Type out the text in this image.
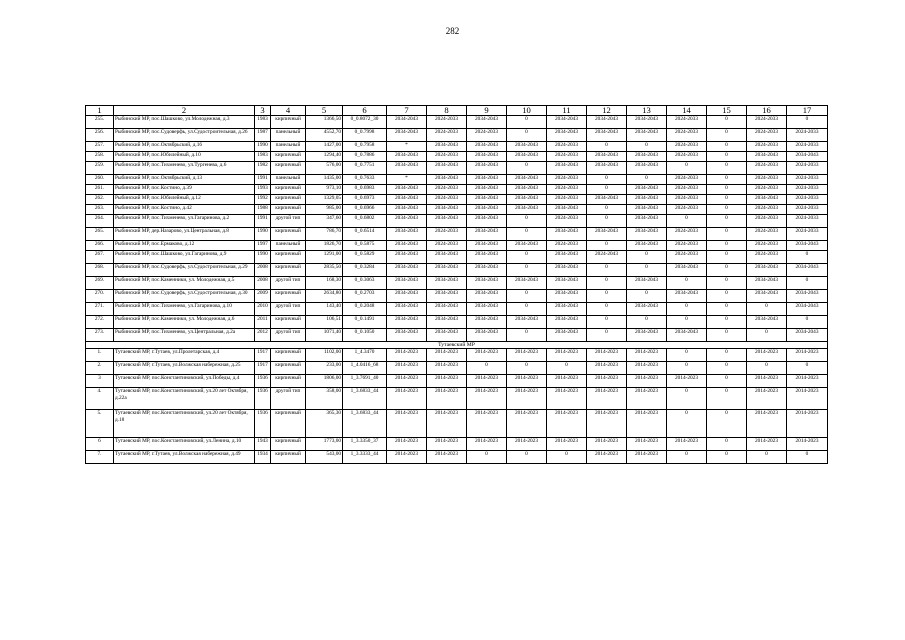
282
1	2	3	4	5	6	7	8	9	10	11	12	13	14	15	16	17
255.	Рыбинский МР, пос.Шашково, ул.Молодежная, д.3	1983	кирпичный	1366,50	0_0.8072_30	2034-2043	2024-2033	2034-2043	0	2034-2043	2034-2043	2034-2043	2024-2033	0	2024-2033	0
256.	Рыбинский МР, пос.Судоверфь, ул.Судостроительная, д.26	1987	панельный	4552,70	0_0.7998	2034-2043	2024-2033	2024-2033	0	2034-2043	2034-2043	2034-2043	2024-2033	0	2024-2033	2024-2033
257.	Рыбинский МР, пос.Октябрьский, д.16	1990	панельный	1427,00	0_0.7958	*	2034-2043	2034-2043	2034-2043	2024-2033	0	0	2024-2033	0	2024-2033	2024-2033
258.	Рыбинский МР, пос.Юбилейный, д.10	1983	кирпичный	1294,40	0_0.7886	2034-2043	2024-2033	2034-2043	2034-2043	2024-2033	2034-2043	2034-2043	2024-2033	0	2034-2043	2034-2043
259.	Рыбинский МР, пос.Тихменево, ул.Тургенева, д.6	1982	кирпичный	576,00	0_0.7751	2034-2043	2034-2043	2034-2043	0	2034-2043	2034-2043	2034-2043	0	0	2024-2033	2024-2033
260.	Рыбинский МР, пос.Октябрьский, д.13	1991	панельный	1435,00	0_0.7633	*	2034-2043	2034-2043	2034-2043	2024-2033	0	0	2024-2033	0	2024-2033	2024-2033
261.	Рыбинский МР, пос.Костино, д.39	1993	кирпичный	973,10	0_0.6983	2034-2043	2024-2033	2034-2043	2034-2043	2024-2033	0	2034-2043	2024-2033	0	2024-2033	2024-2033
262.	Рыбинский МР, пос.Юбилейный, д.12	1992	кирпичный	1329,05	0_0.6973	2034-2043	2024-2033	2034-2043	2034-2043	2024-2033	2034-2043	2034-2043	2024-2033	0	2034-2043	2024-2033
263.	Рыбинский МР, пос.Костино, д.42	1988	кирпичный	985,00	0_0.6966	2034-2043	2034-2043	2034-2043	2034-2043	2034-2043	0	2034-2043	2024-2033	0	2024-2033	2024-2033
264.	Рыбинский МР, пос.Тихменево, ул.Гагаринова, д.2	1991	другой тип	347,60	0_0.6802	2034-2043	2034-2043	2034-2043	0	2024-2033	0	2034-2043	0	0	2024-2033	2024-2033
265.	Рыбинский МР, дер.Назарово, ул.Центральная, д.8	1990	кирпичный	786,70	0_0.6514	2034-2043	2024-2033	2034-2043	0	2034-2043	2034-2043	2034-2043	2024-2033	0	2024-2033	2024-2033
266.	Рыбинский МР, пос.Ермаково, д.12	1997	панельный	1826,70	0_0.5875	2034-2043	2024-2033	2034-2043	2034-2043	2024-2033	0	2034-2043	2024-2033	0	2024-2033	2034-2043
267.	Рыбинский МР, пос.Шашково, ул.Гагаринова, д.9	1990	кирпичный	1291,00	0_0.5829	2034-2043	2034-2043	2034-2043	0	2034-2043	2024-2043	0	2024-2033	0	2024-2033	0
268.	Рыбинский МР, пос.Судоверфь, ул.Судостроительная, д.29	2008	кирпичный	2835,50	0_0.3284	2034-2043	2034-2043	2034-2043	0	2034-2043	0	0	2034-2043	0	2034-2043	2034-2043
269.	Рыбинский МР, пос.Каменники, ул. Молодежная, д.5	2008	другой тип	168,30	0_0.3063	2034-2043	2034-2043	2034-2043	2034-2043	2034-2043	0	2034-2043	0	0	2034-2043	0
270.	Рыбинский МР, пос.Судоверфь, ул.Судостроительная, д.30	2009	кирпичный	2634,80	0_0.2703	2034-2043	2034-2043	2034-2043	0	2034-2043	0	0	2034-2043	0	2034-2043	2034-2043
271.	Рыбинский МР, пос.Тихменево, ул.Гагаринова, д.10	2010	другой тип	143,40	0_0.2048	2034-2043	2034-2043	2034-2043	0	2034-2043	0	2034-2043	0	0	0	2034-2043
272.	Рыбинский МР, пос.Каменники, ул. Молодежная, д.6	2011	кирпичный	106,51	0_0.1491	2034-2043	2034-2043	2034-2043	2034-2043	2034-2043	0	0	0	0	2034-2043	0
273.	Рыбинский МР, пос.Тихменево, ул.Центральная, д.2а	2012	другой тип	1071,40	0_0.1050	2034-2043	2034-2043	2034-2043	0	2034-2043	0	2034-2043	2034-2043	0	0	2034-2043
Тутаевский МР																
1.	Тутаевский МР, г.Тутаев, ул.Пролетарская, д.4	1917	кирпичный	1102,00	1_4.3470	2014-2023	2014-2023	2014-2023	2014-2023	2014-2023	2014-2023	2014-2023	0	0	2014-2023	2014-2023
2.	Тутаевский МР, г.Тутаев, ул.Волжская набережная, д.25	1917	кирпичный	233,00	1_4.0416_68	2014-2023	2014-2023	0	0	0	2014-2023	2014-2023	0	0	0	0
3	Тутаевский МР, пос.Константиновский, ул.Победы, д.4	1936	кирпичный	1806,00	1_3.7691_40	2014-2023	2014-2023	2014-2023	2014-2023	2014-2023	2014-2023	2014-2023	2014-2023	0	2014-2023	2014-2023
4.	Тутаевский МР, пос.Константиновский, ул.20 лет Октября, д.22а	1936	другой тип	358,00	1_3.6833_44	2014-2023	2014-2023	2014-2023	2014-2023	2014-2023	2014-2023	2014-2023	0	0	2014-2023	2014-2023
5.	Тутаевский МР, пос.Константиновский, ул.20 лет Октября, д.18	1936	кирпичный	365,30	1_3.6833_44	2014-2023	2014-2023	2014-2023	2014-2023	2014-2023	2014-2023	2014-2023	0	0	2014-2023	2014-2023
6	Тутаевский МР, пос.Константиновский, ул.Ленина, д.10	1943	кирпичный	1773,00	1_3.3350_37	2014-2023	2014-2023	2014-2023	2014-2023	2014-2023	2014-2023	2014-2023	2014-2023	0	2014-2023	2014-2023
7.	Тутаевский МР, г.Тутаев, ул.Волжская набережная, д.49	1934	кирпичный	543,00	1_3.3333_44	2014-2023	2014-2023	0	0	0	2014-2023	2014-2023	0	0	0	0
